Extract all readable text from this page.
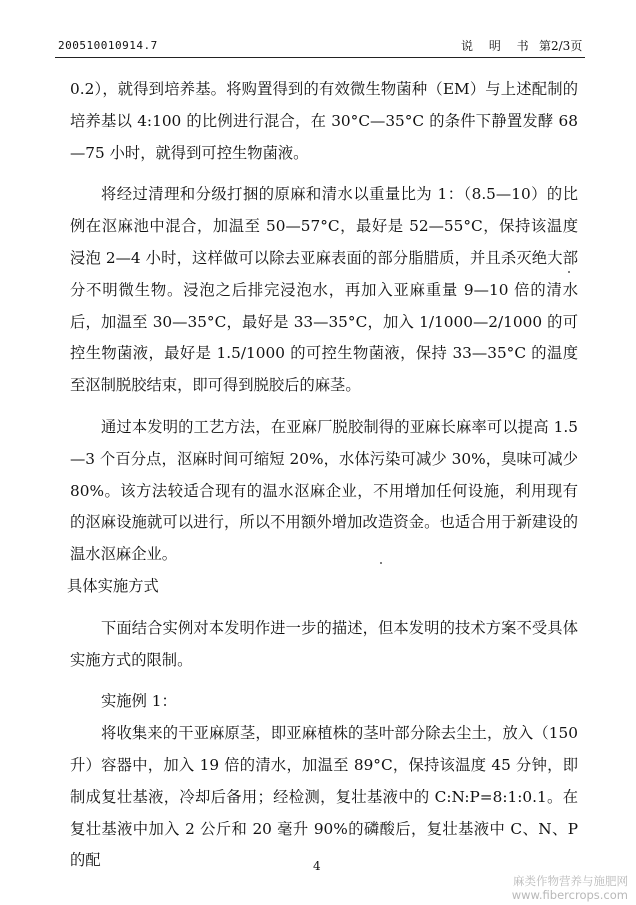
200510010914.7	说 明 书 第2/3页

0.2），就得到培养基。将购置得到的有效微生物菌种（EM）与上述配制的培养基以 4:100 的比例进行混合，在 30°C—35°C 的条件下静置发酵 68—75 小时，就得到可控生物菌液。

将经过清理和分级打捆的原麻和清水以重量比为 1：（8.5—10）的比例在沤麻池中混合，加温至 50—57°C，最好是 52—55°C，保持该温度浸泡 2—4 小时，这样做可以除去亚麻表面的部分脂腊质，并且杀灭绝大部分不明微生物。浸泡之后排完浸泡水，再加入亚麻重量 9—10 倍的清水后，加温至 30—35°C，最好是 33—35°C，加入 1/1000—2/1000 的可控生物菌液，最好是 1.5/1000 的可控生物菌液，保持 33—35°C 的温度至沤制脱胶结束，即可得到脱胶后的麻茎。

通过本发明的工艺方法，在亚麻厂脱胶制得的亚麻长麻率可以提高 1.5—3 个百分点，沤麻时间可缩短 20%，水体污染可减少 30%，臭味可减少 80%。该方法较适合现有的温水沤麻企业，不用增加任何设施，利用现有的沤麻设施就可以进行，所以不用额外增加改造资金。也适合用于新建设的温水沤麻企业。

具体实施方式

下面结合实例对本发明作进一步的描述，但本发明的技术方案不受具体实施方式的限制。

实施例 1：

将收集来的干亚麻原茎，即亚麻植株的茎叶部分除去尘土，放入（150 升）容器中，加入 19 倍的清水，加温至 89°C，保持该温度 45 分钟，即制成复壮基液，冷却后备用；经检测，复壮基液中的 C:N:P=8:1:0.1。在复壮基液中加入 2 公斤和 20 毫升 90%的磷酸后，复壮基液中 C、N、P 的配	4
麻类作物营养与施肥网
www.fibercrops.com
